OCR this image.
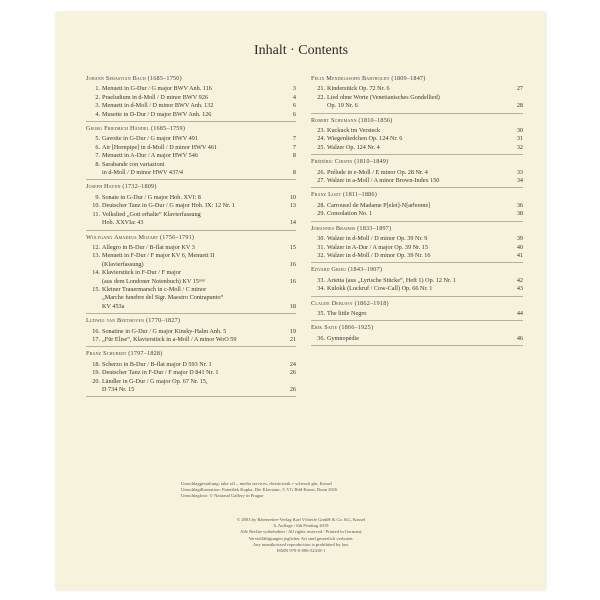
Inhalt · Contents
Johann Sebastian Bach (1685–1750)
1. Menuett in G-Dur / G major BWV Anh. 116	3
2. Praeludium in d-Moll / D minor BWV 926	4
3. Menuett in d-Moll / D minor BWV Anh. 132	6
4. Musette in D-Dur / D major BWV Anh. 126	6
Georg Friedrich Händel (1685–1759)
5. Gavotte in G-Dur / G major HWV 491	7
6. Air [Hornpipe] in d-Moll / D minor HWV 461	7
7. Menuett in A-Dur / A major HWV 546	8
8. Sarabande con variazioni
in d-Moll / D minor HWV 437/4	8
Joseph Haydn (1732–1809)
9. Sonate in G-Dur / G major Hob. XVI: 8	10
10. Deutscher Tanz in G-Dur / G major Hob. IX: 12 Nr. 1	13
11. Volkslied „Gott erhalte“ Klavierfassung
Hob. XXVIa: 43	14
Wolfgang Amadeus Mozart (1756–1791)
12. Allegro in B-Dur / B-flat major KV 3	15
13. Menuett in F-Dur / F major KV 6, Menuett II
(Klavierfassung)	16
14. Klavierstück in F-Dur / F major
(aus dem Londoner Notenbuch) KV 15ᵐᵐ	16
15. Kleiner Trauermarsch in c-Moll / C minor
„Marche funebre del Sigr. Maestro Contrapunto“
KV 453a	18
Ludwig van Beethoven (1770–1827)
16. Sonatine in G-Dur / G major Kinsky-Halm Anh. 5	19
17. „Für Elise“, Klavierstück in a-Moll / A minor WoO 59	21
Franz Schubert (1797–1828)
18. Scherzo in B-Dur / B-flat major D 593 Nr. 1	24
19. Deutscher Tanz in F-Dur / F major D 841 Nr. 1	26
20. Ländler in G-Dur / G major Op. 67 Nr. 15,
D 734 Nr. 15	26
Felix Mendelssohn Bartholdy (1809–1847)
21. Kinderstück Op. 72 Nr. 6	27
22. Lied ohne Worte (Venetianisches Gondellied)
Op. 19 Nr. 6	28
Robert Schumann (1810–1856)
23. Kuckuck im Versteck	30
24. Wiegenliedchen Op. 124 Nr. 6	31
25. Walzer Op. 124 Nr. 4	32
Frédéric Chopin (1810–1849)
26. Prélude in e-Moll / E minor Op. 28 Nr. 4	33
27. Walzer in a-Moll / A minor Brown-Index 150	34
Franz Liszt (1811–1886)
28. Carrousel de Madame P[elet]-N[arbonne]	36
29. Consolation No. 1	38
Johannes Brahms (1833–1897)
30. Walzer in d-Moll / D minor Op. 39 Nr. 9	39
31. Walzer in A-Dur / A major Op. 39 Nr. 15	40
32. Walzer in d-Moll / D minor Op. 39 Nr. 16	41
Edvard Grieg (1843–1907)
33. Arietta (aus „Lyrische Stücke“, Heft 1) Op. 12 Nr. 1	42
34. Kulokk (Lockruf / Cow-Call) Op. 66 Nr. 1	43
Claude Debussy (1862–1918)
35. The little Negro	44
Erik Satie (1866–1925)
36. Gymnopédie	46
Umschlaggestaltung: take off – media services, christowzik + scheuch gbr, Kassel
Umschlagillustration: František Kupka, Die Klaviatur, © VG Bild-Kunst, Bonn 2016
Umschlagfoto: © National Gallery in Prague
© 2003 by Bärenreiter-Verlag Karl Vötterle GmbH & Co. KG, Kassel
6. Auflage / 6th Printing 2019
Alle Rechte vorbehalten / All rights reserved / Printed in Germany
Vervielfältigungen jeglicher Art sind gesetzlich verboten.
Any unauthorized reproduction is prohibited by law.
ISMN 979-0-006-52418-1
